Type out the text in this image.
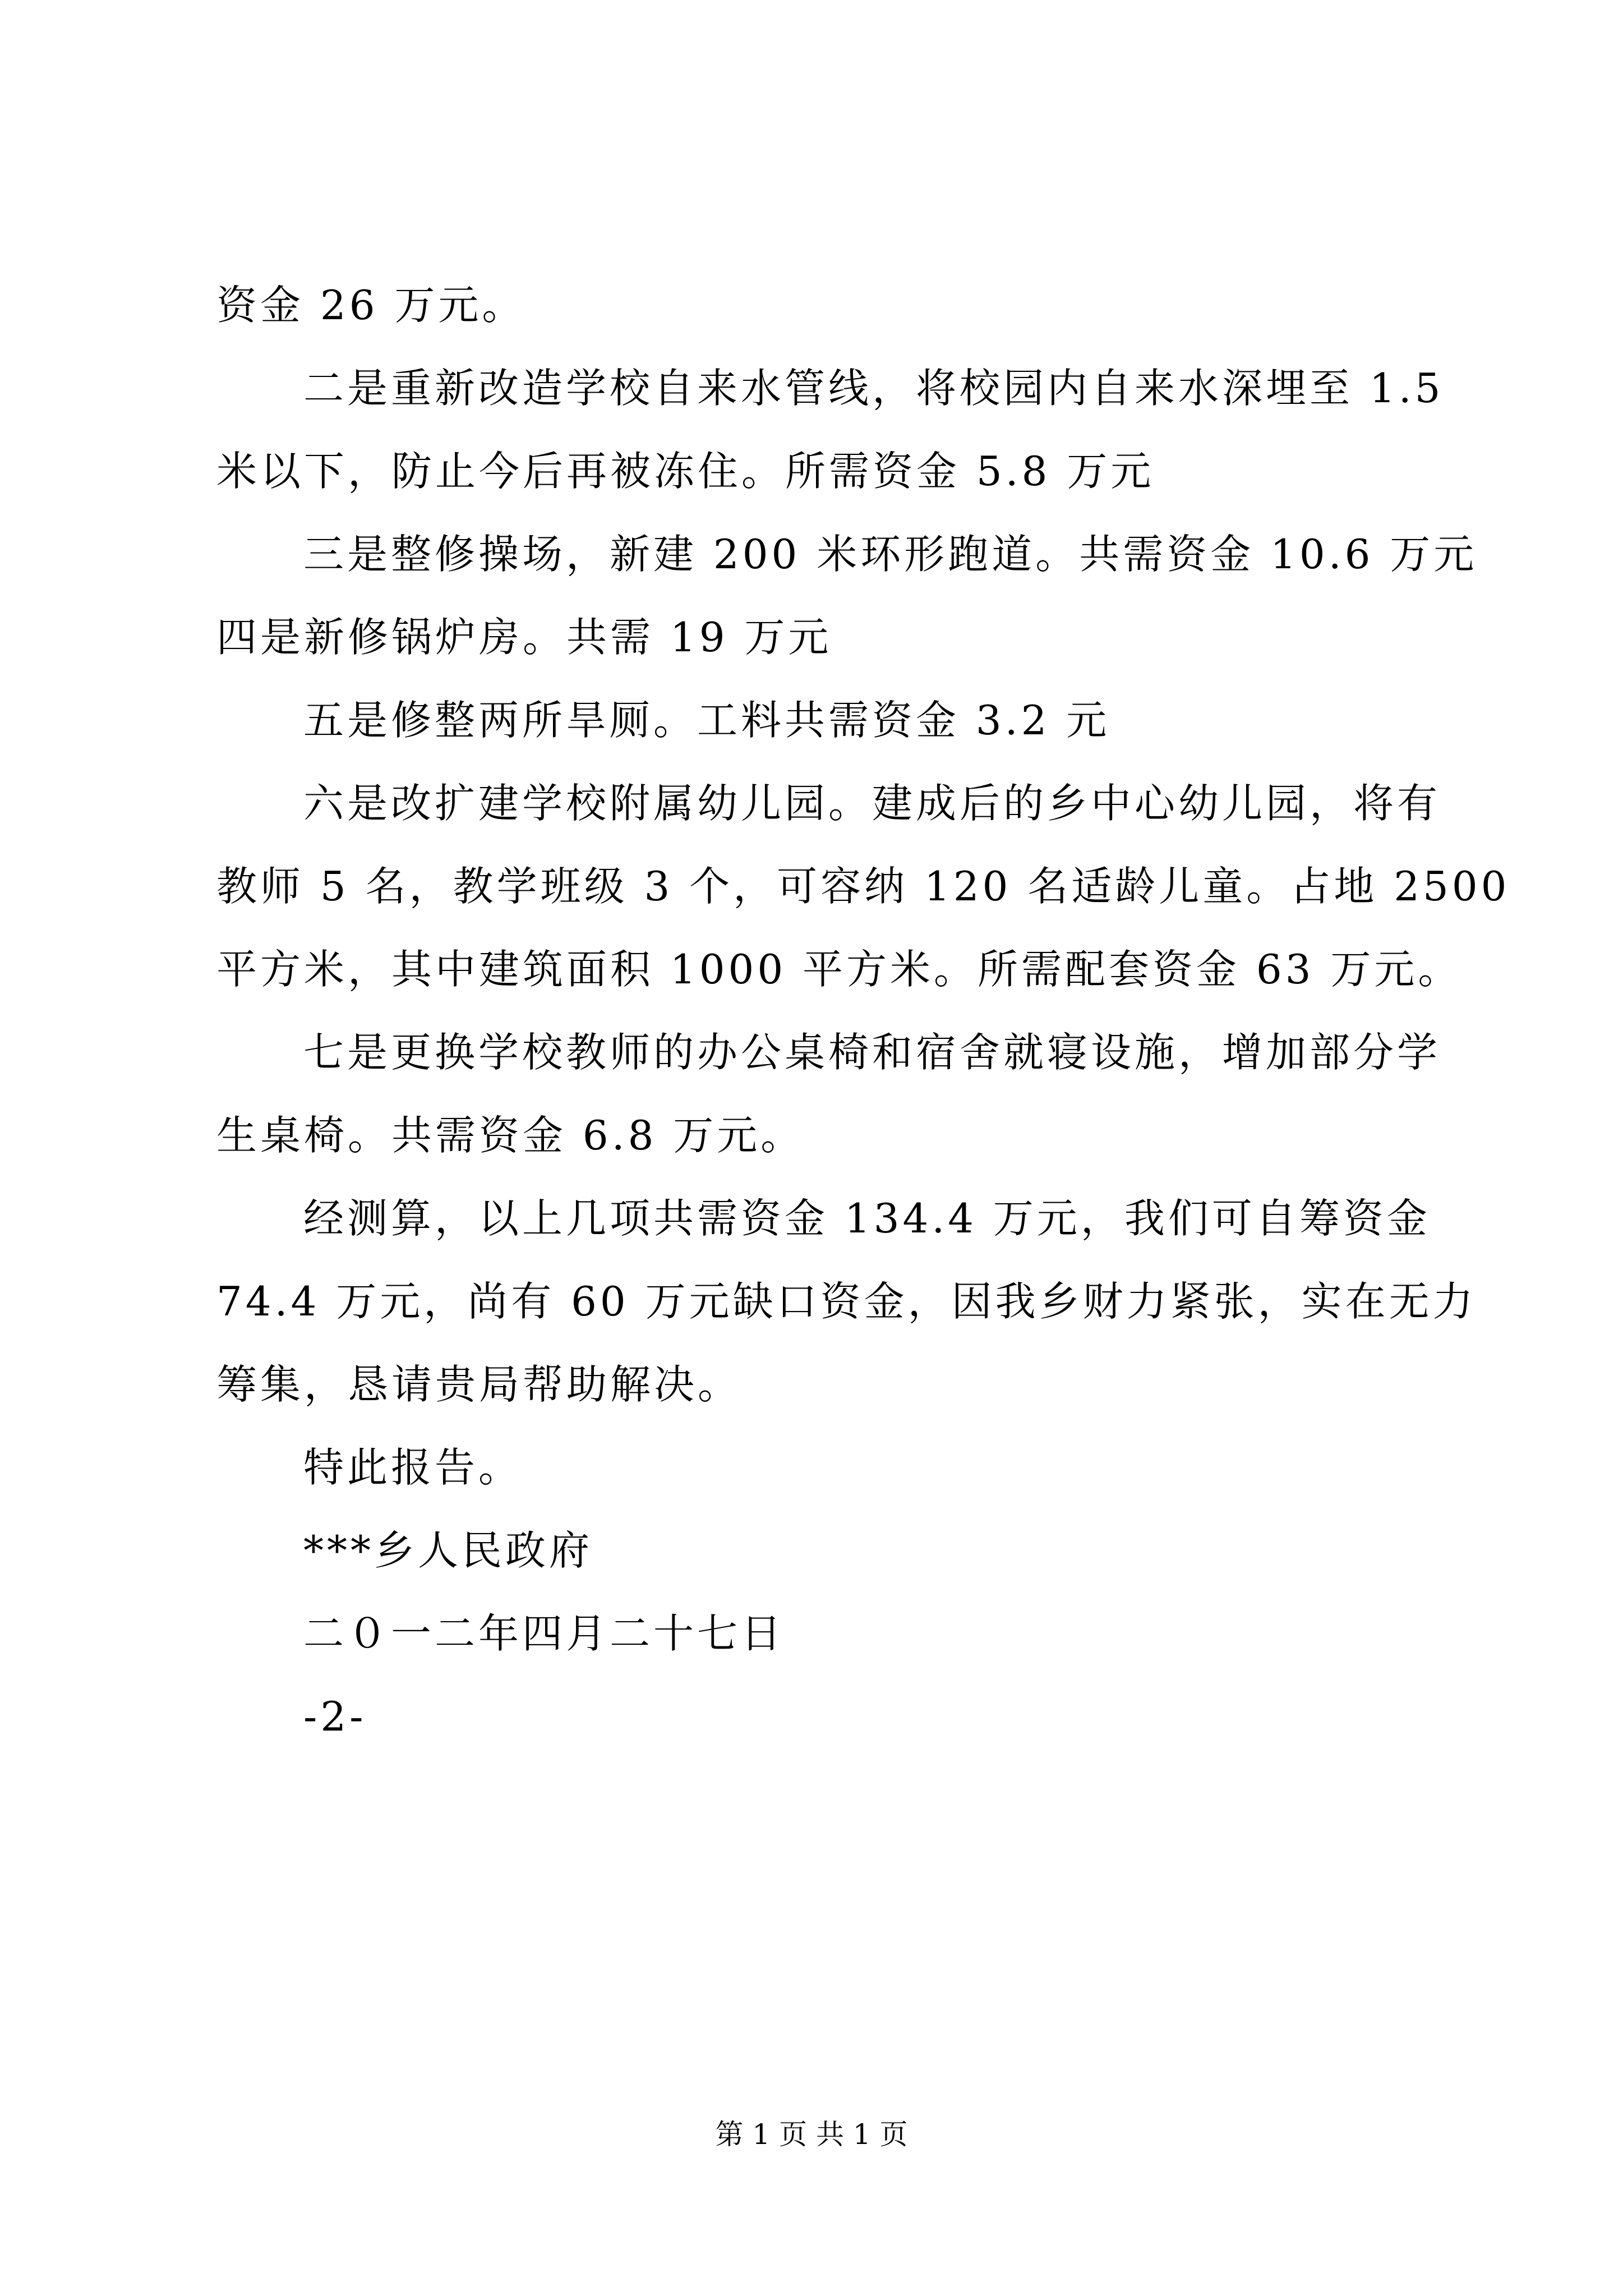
资金 26 万元。
二是重新改造学校自来水管线，将校园内自来水深埋至 1.5
米以下，防止今后再被冻住。所需资金 5.8 万元
三是整修操场，新建 200 米环形跑道。共需资金 10.6 万元
四是新修锅炉房。共需 19 万元
五是修整两所旱厕。工料共需资金 3.2 元
六是改扩建学校附属幼儿园。建成后的乡中心幼儿园，将有
教师 5 名，教学班级 3 个，可容纳 120 名适龄儿童。占地 2500
平方米，其中建筑面积 1000 平方米。所需配套资金 63 万元。
七是更换学校教师的办公桌椅和宿舍就寝设施，增加部分学
生桌椅。共需资金 6.8 万元。
经测算，以上几项共需资金 134.4 万元，我们可自筹资金
74.4 万元，尚有 60 万元缺口资金，因我乡财力紧张，实在无力
筹集，恳请贵局帮助解决。
特此报告。
***乡人民政府
二０一二年四月二十七日
-2-
第 1 页 共 1 页
